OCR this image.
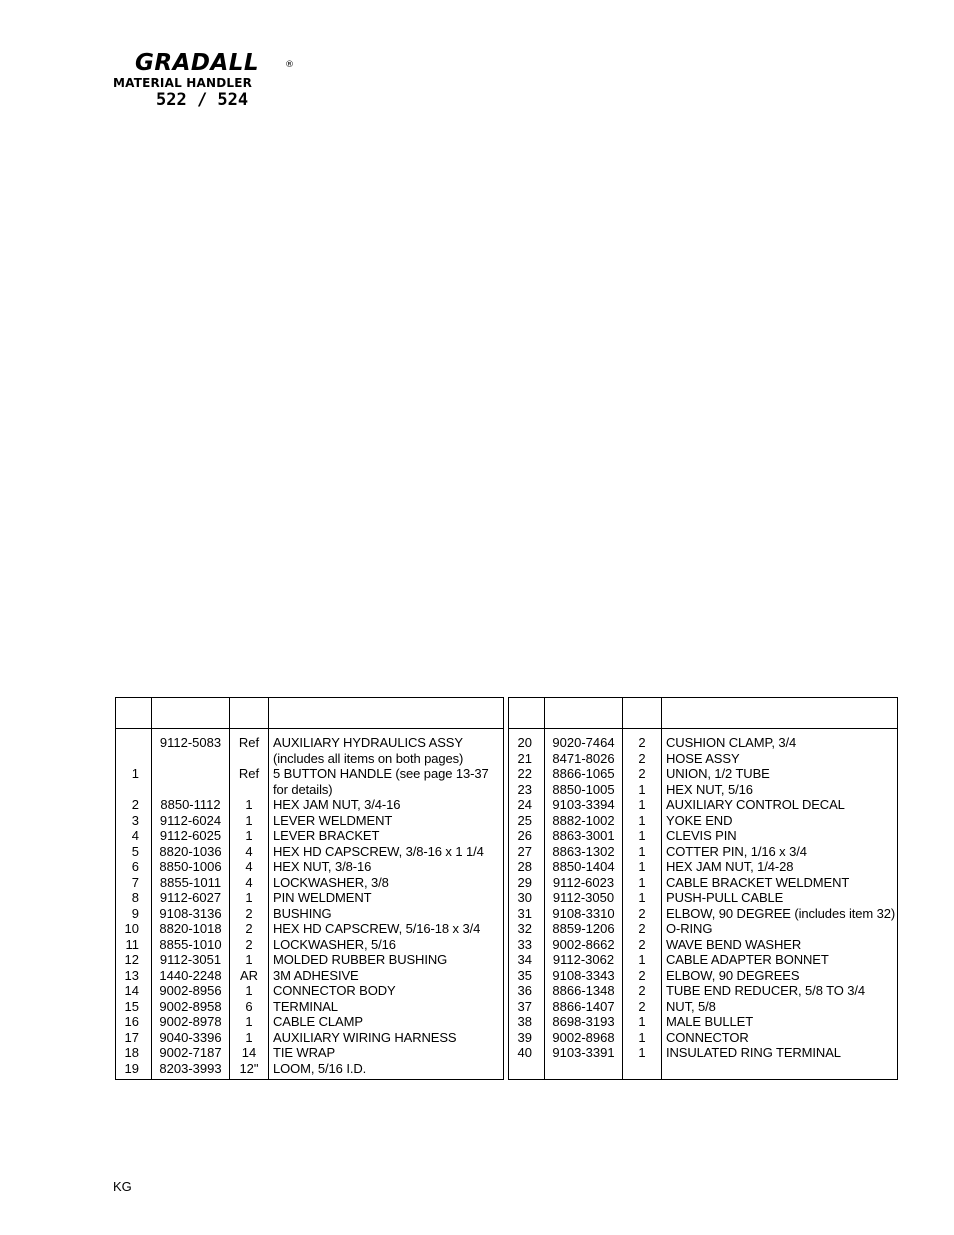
GRADALL	®
MATERIAL HANDLER
522 / 524
1
2
3
4
5
6
7
8
9
10
11
12
13
14
15
16
17
18
19
9112-5083
8850-1112
9112-6024
9112-6025
8820-1036
8850-1006
8855-1011
9112-6027
9108-3136
8820-1018
8855-1010
9112-3051
1440-2248
9002-8956
9002-8958
9002-8978
9040-3396
9002-7187
8203-3993
Ref
Ref
1
1
1
4
4
4
1
2
2
2
1
AR
1
6
1
1
14
12"
AUXILIARY HYDRAULICS ASSY
(includes all items on both pages)
5 BUTTON HANDLE (see page 13-37
for details)
HEX JAM NUT, 3/4-16
LEVER WELDMENT
LEVER BRACKET
HEX HD CAPSCREW, 3/8-16 x 1 1/4
HEX NUT, 3/8-16
LOCKWASHER, 3/8
PIN WELDMENT
BUSHING
HEX HD CAPSCREW, 5/16-18 x 3/4
LOCKWASHER, 5/16
MOLDED RUBBER BUSHING
3M ADHESIVE
CONNECTOR BODY
TERMINAL
CABLE CLAMP
AUXILIARY WIRING HARNESS
TIE WRAP
LOOM, 5/16 I.D.
20
21
22
23
24
25
26
27
28
29
30
31
32
33
34
35
36
37
38
39
40
9020-7464
8471-8026
8866-1065
8850-1005
9103-3394
8882-1002
8863-3001
8863-1302
8850-1404
9112-6023
9112-3050
9108-3310
8859-1206
9002-8662
9112-3062
9108-3343
8866-1348
8866-1407
8698-3193
9002-8968
9103-3391
2
2
2
1
1
1
1
1
1
1
1
2
2
2
1
2
2
2
1
1
1
CUSHION CLAMP, 3/4
HOSE ASSY
UNION, 1/2 TUBE
HEX NUT, 5/16
AUXILIARY CONTROL DECAL
YOKE END
CLEVIS PIN
COTTER PIN, 1/16 x 3/4
HEX JAM NUT, 1/4-28
CABLE BRACKET WELDMENT
PUSH-PULL CABLE
ELBOW, 90 DEGREE (includes item 32)
O-RING
WAVE BEND WASHER
CABLE ADAPTER BONNET
ELBOW, 90 DEGREES
TUBE END REDUCER, 5/8 TO 3/4
NUT, 5/8
MALE BULLET
CONNECTOR
INSULATED RING TERMINAL
KG
